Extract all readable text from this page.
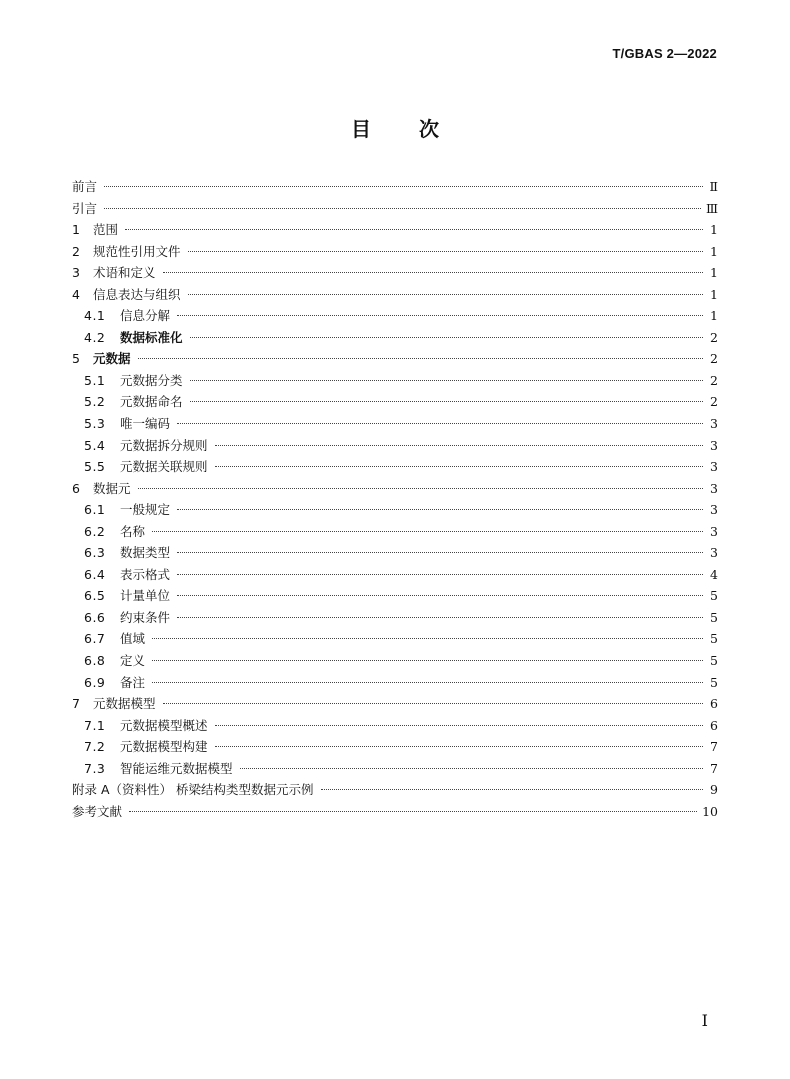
T/GBAS 2—2022
目 次
前言	Ⅱ
引言	Ⅲ
1	范围	1
2	规范性引用文件	1
3	术语和定义	1
4	信息表达与组织	1
4.1	信息分解	1
4.2	数据标准化	2
5	元数据	2
5.1	元数据分类	2
5.2	元数据命名	2
5.3	唯一编码	3
5.4	元数据拆分规则	3
5.5	元数据关联规则	3
6	数据元	3
6.1	一般规定	3
6.2	名称	3
6.3	数据类型	3
6.4	表示格式	4
6.5	计量单位	5
6.6	约束条件	5
6.7	值域	5
6.8	定义	5
6.9	备注	5
7	元数据模型	6
7.1	元数据模型概述	6
7.2	元数据模型构建	7
7.3	智能运维元数据模型	7
附录 A（资料性） 桥梁结构类型数据元示例	9
参考文献	10
I
